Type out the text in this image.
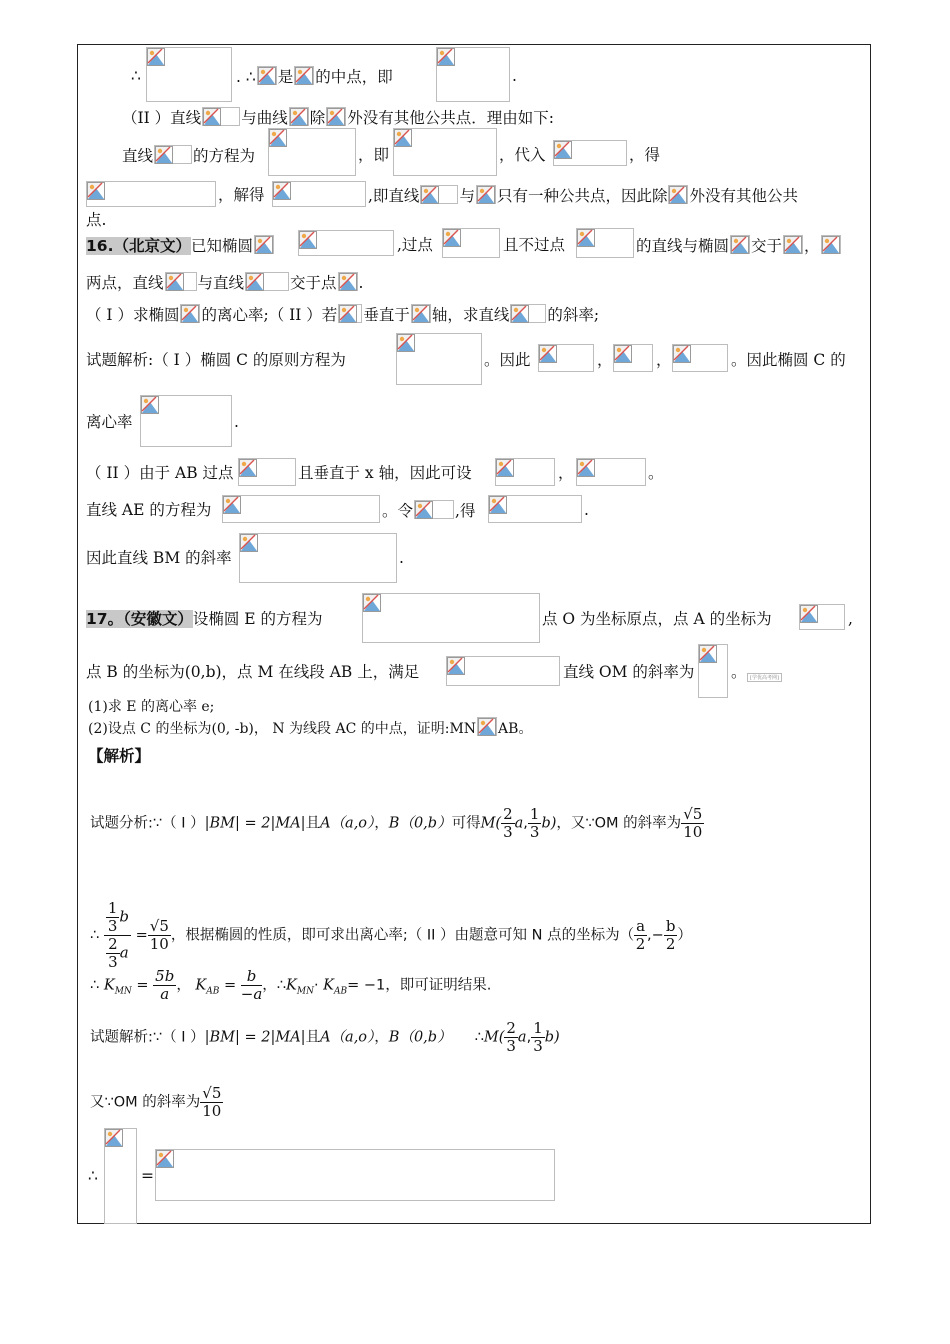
∴	. ∴ 是 的中点，即	.
（II ）直线	与曲线 除 外没有其他公共点．理由如下:
直线	的方程为	，即	，代入	，得
，解得	,即直线	与 只有一种公共点，因此除 外没有其他公共
点.
16.（北京文）已知椭圆	,过点	且不过点	的直线与椭圆 交于 ，
两点，直线 与直线	交于点 .
（ I ）求椭圆 的离心率;（ II ）若 垂直于 轴，求直线 的斜率;
试题解析:（ I ）椭圆 C 的原则方程为	。因此	，	，	。因此椭圆 C 的
离心率	.
（ II ）由于 AB 过点	且垂直于 x 轴，因此可设	，	。
直线 AE 的方程为	。令	,得	.
因此直线 BM 的斜率	.
17。（安徽文）设椭圆 E 的方程为	点 O 为坐标原点，点 A 的坐标为	,
点 B 的坐标为(0,b)，点 M 在线段 AB 上，满足	直线 OM 的斜率为 。 [学优高考网]
(1)求 E 的离心率 e;
(2)设点 C 的坐标为(0, -b)， N 为线段 AC 的中点，证明:MN AB。
【解析】
试题分析:∵（ I ）|BM| = 2|MA|且A（a,o），B（0,b）可得$M( \frac{2}{3} a$, $\frac{1}{3} b$)，又∵OM 的斜率为 $\frac{√5}{10}$
∴ $\frac{\frac{1}{3} b}{\frac{2}{3} a} = \frac{√5}{10}$ ，根据椭圆的性质，即可求出离心率;（ II ）由题意可知 N 点的坐标为（ $\frac{a}{2}$ ,− $\frac{b}{2}$ ）
∴ $K_{MN} = \frac{5b}{a}$ ， $K_{AB} = \frac{b}{-a}$ ，$\therefore K_{MN}\cdot K_{AB}= -1$，即可证明结果.
试题解析:∵（ I ）|BM| = 2|MA|且A（a,o），B（0,b） ∴M( $\frac{2}{3} a$, $\frac{1}{3} b$)
又∵OM 的斜率为 $\frac{√5}{10}$
∴	=
